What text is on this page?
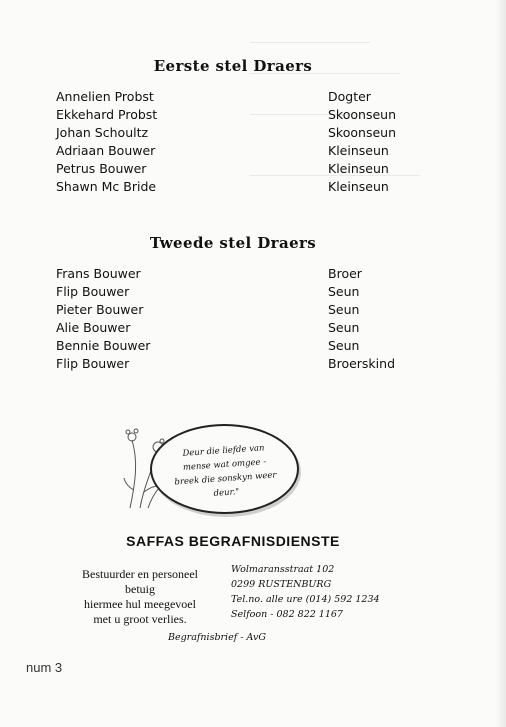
Eerste stel Draers
Annelien Probst	Dogter
Ekkehard Probst	Skoonseun
Johan Schoultz	Skoonseun
Adriaan Bouwer	Kleinseun
Petrus Bouwer	Kleinseun
Shawn Mc Bride	Kleinseun
Tweede stel Draers
Frans Bouwer	Broer
Flip Bouwer	Seun
Pieter Bouwer	Seun
Alie Bouwer	Seun
Bennie Bouwer	Seun
Flip Bouwer	Broerskind
Deur die liefde van
mense wat omgee -
breek die sonskyn weer deur."
SAFFAS BEGRAFNISDIENSTE
Bestuurder en personeel
betuig
hiermee hul meegevoel
met u groot verlies.
Wolmaransstraat 102
0299 RUSTENBURG
Tel.no. alle ure (014) 592 1234
Selfoon - 082 822 1167
Begrafnisbrief - AvG
num 3
